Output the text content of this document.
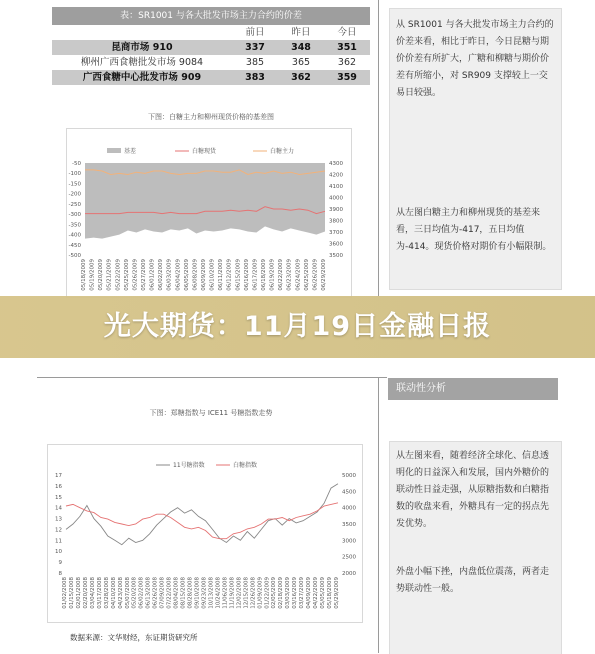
表：SR1001 与各大批发市场主力合约的价差
前日	昨日	今日
昆商市场 910	337	348	351
柳州广西食糖批发市场 9084	385	365	362
广西食糖中心批发市场 909	383	362	359
下图：白糖主力和柳州现货价格的基差图
基差	白糖现货	白糖主力
-50
-100
-150
-200
-250
-300
-350
-400
-450
-500
4300
4200
4100
4000
3900
3800
3700
3600
3500
05/18/2009 05/19/2009 05/20/2009 05/21/2009 05/22/2009 05/25/2009 05/26/2009 05/27/2009 06/01/2009 06/02/2009 06/03/2009 06/04/2009 06/05/2009 06/08/2009 06/09/2009 06/10/2009 06/11/2009 06/12/2009 06/15/2009 06/16/2009 06/17/2009 06/18/2009 06/19/2009 06/22/2009 06/23/2009 06/24/2009 06/25/2009 06/26/2009 06/29/2009

从 SR1001 与各大批发市场主力合约的价差来看，相比于昨日，今日昆糖与期价价差有所扩大，广糖和柳糖与期价价差有所缩小，对 SR909 支撑较上一交易日较强。

从左图白糖主力和柳州现货的基差来看，三日均值为-417，五日均值为-414。现货价格对期价有小幅限制。

光大期货：11月19日金融日报
联动性分析
下图：郑糖指数与 ICE11 号糖指数走势
11号糖指数	白糖指数
8
9
10
11
12
13
14
15
16
17
2000
2500
3000
3500
4000
4500
5000
01/02/2008 01/15/2008 02/01/2008 02/20/2008 03/04/2008 03/17/2008 03/28/2008 04/10/2008 04/23/2008 05/07/2008 05/20/2008 06/02/2008 06/13/2008 06/26/2008 07/09/2008 07/22/2008 08/04/2008 08/15/2008 08/28/2008 09/10/2008 09/23/2008 10/13/2008 10/24/2008 11/06/2008 11/19/2008 12/02/2008 12/15/2008 12/26/2008 01/09/2009 01/22/2009 02/05/2009 02/18/2009 03/03/2009 03/16/2009 03/27/2009 04/09/2009 04/22/2009 05/05/2009 05/18/2009 05/29/2009
数据来源：文华财经，东证期货研究所

从左图来看，随着经济全球化、信息透明化的日益深入和发展，国内外糖价的联动性日益走强，从原糖指数和白糖指数的收盘来看，外糖具有一定的拐点先发优势。

外盘小幅下挫，内盘低位震荡，两者走势联动性一般。
